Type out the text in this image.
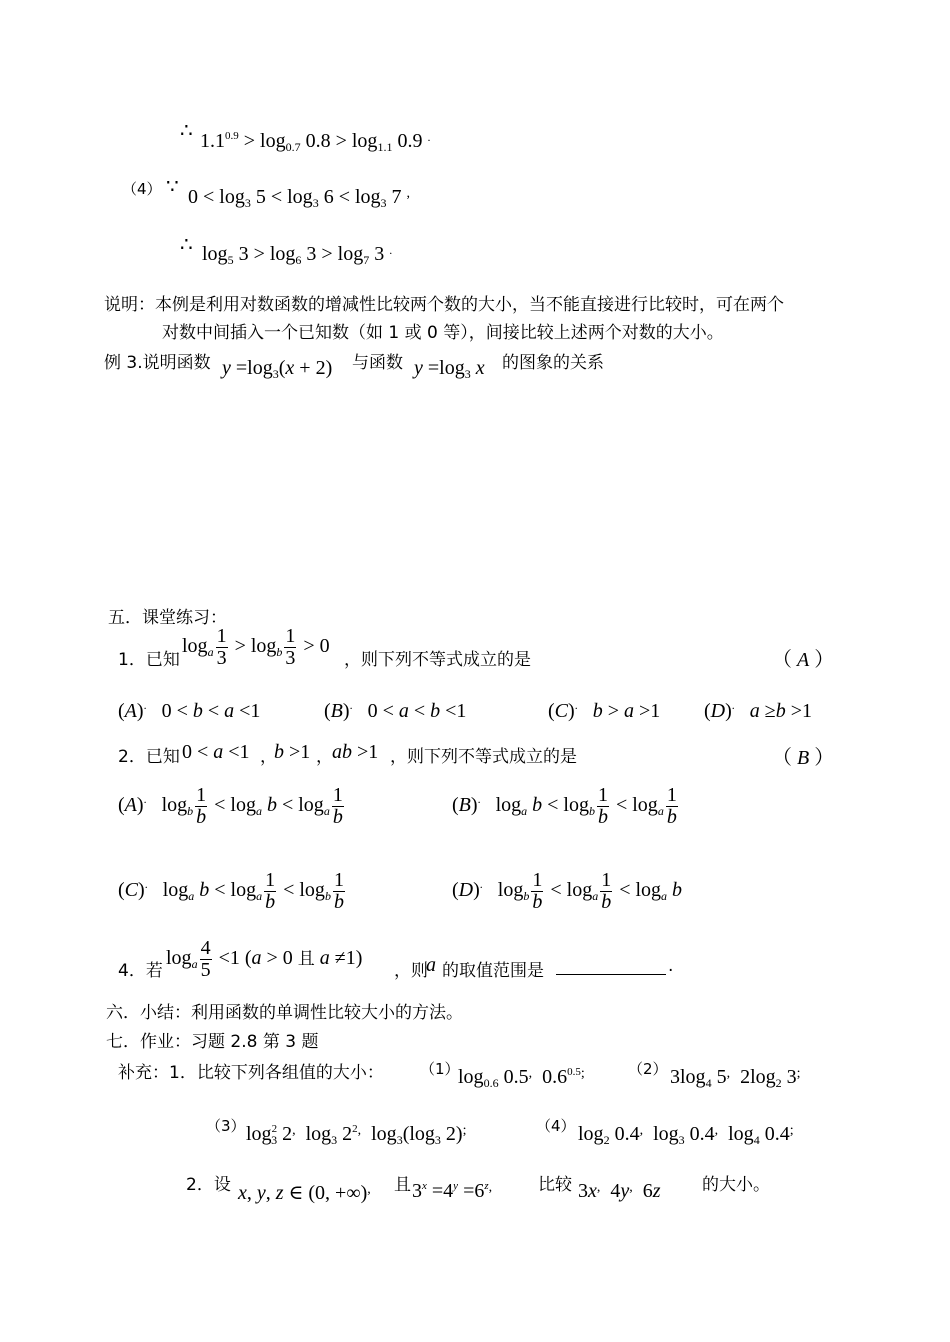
∴ $1.1^{0.9} > \log_{0.7} 0.8 > \log_{1.1} 0.9$ .
（4） ∵ $0 < \log_3 5 < \log_3 6 < \log_3 7$ ,
∴ $\log_5 3 > \log_6 3 > \log_7 3$ .
说明：本例是利用对数函数的增减性比较两个数的大小，当不能直接进行比较时，可在两个
对数中间插入一个已知数（如 1 或 0 等），间接比较上述两个对数的大小。
例 3.说明函数 $y =\log_3(x + 2)$ 与函数 $y =\log_3$ x 的图象的关系
五．课堂练习：
1．已知
$\log_a \frac{1}{3} > \log_b \frac{1}{3} > 0$
，则下列不等式成立的是	（ A ）
(A).   0 < b < a <1	(B).   0 < a < b <1	(C). b > a >1 (D). a ≥b >1
2．已知 0 < a <1 ，
b >1 ， ab >1 ，则下列不等式成立的是	（ B ）
(A).   $\log_b \frac{1}{b} < \log_a b < \log_a \frac{1}{b}$	(B).   $\log_a b < \log_b \frac{1}{b} < \log_a \frac{1}{b}$
(C).   $\log_a b < \log_a \frac{1}{b} < \log_b \frac{1}{b}$	(D).   $\log_b \frac{1}{b} < \log_a \frac{1}{b} < \log_a b$
4．若
$\log_a \frac{4}{5} <1$ (a > 0 且 a ≠1)
，则
a 的取值范围是	.
六．小结：利用函数的单调性比较大小的方法。
七．作业：习题 2.8 第 3 题
补充：1．比较下列各组值的大小： （1）
$\log_{0.6} 0.5^,$  $0.6^{0.5;}$	（2） $3\log_4$ 5,  $2\log_2$ 3;
（3） $\log^2_3 2^,$  $\log_3 2^{2,}$  $\log_3(\log_3$ 2);	（4） $\log_2 0.4^,$  $\log_3 0.4^,$  $\log_4 0.4^;$
2．设 x, y, z ∈ (0, +∞), 且 $3^x =4^y =6^{z,}$	比较 3x,  4y,  6z 的大小。
